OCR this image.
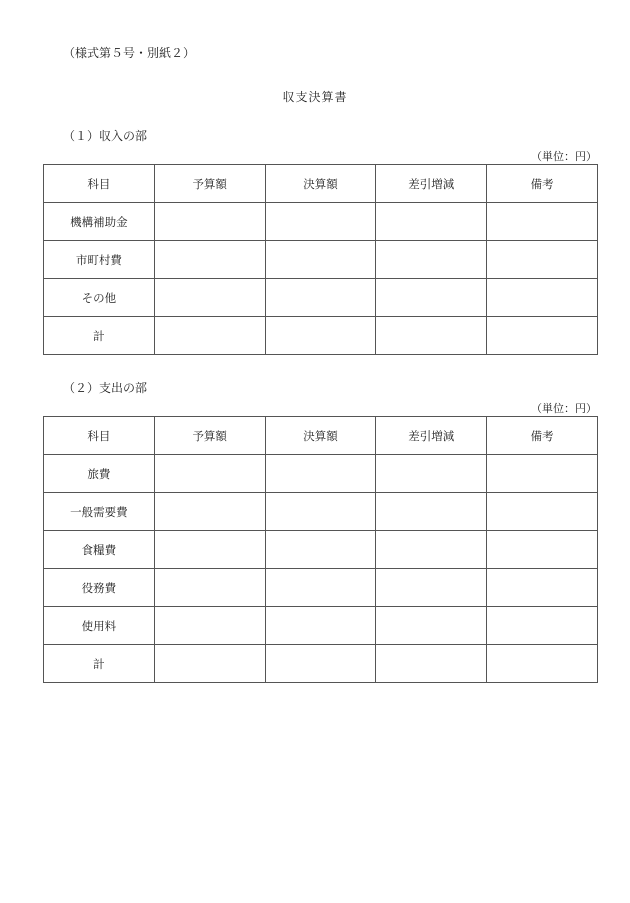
（様式第５号・別紙２）
収支決算書
（１）収入の部
（単位：円）
科目	予算額	決算額	差引増減	備考
機構補助金				
市町村費				
その他				
計				
（２）支出の部
（単位：円）
科目	予算額	決算額	差引増減	備考
旅費				
一般需要費				
食糧費				
役務費				
使用料				
計				
